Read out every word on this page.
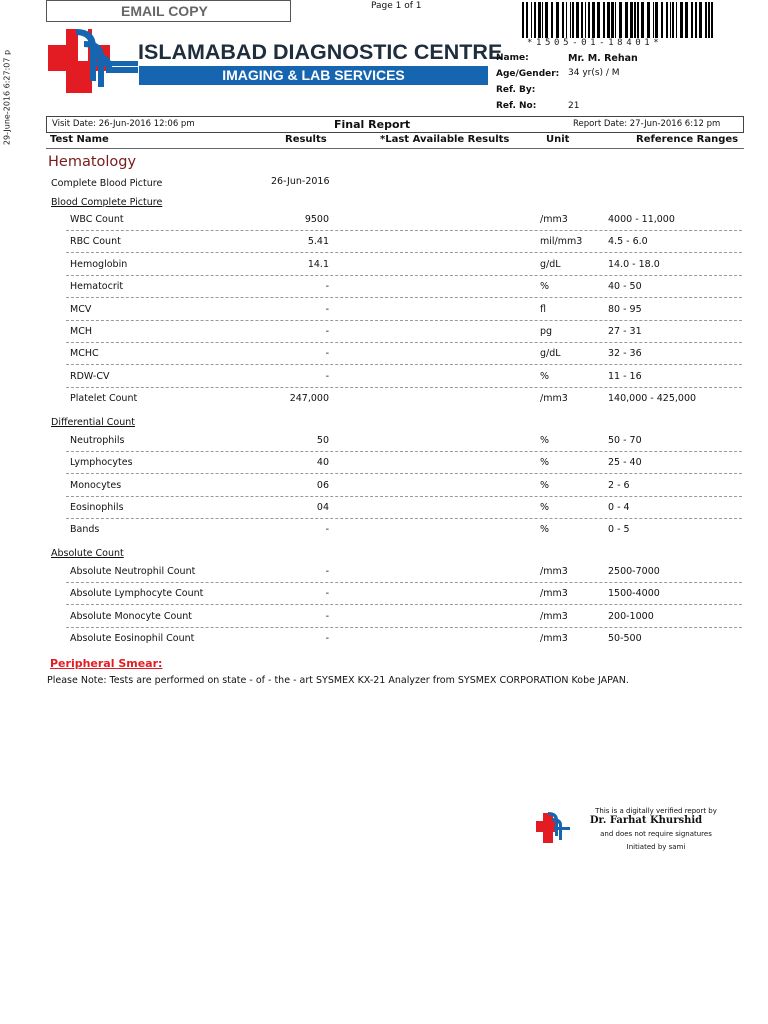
29-June-2016 6:27:07 p
EMAIL COPY	Page 1 of 1
*1505-01-18401*
ISLAMABAD DIAGNOSTIC CENTRE
IMAGING & LAB SERVICES
Name:	Mr. M. Rehan
Age/Gender: 34 yr(s) / M
Ref. By:
Ref. No:	21
Visit Date: 26-Jun-2016 12:06 pm	Final Report	Report Date: 27-Jun-2016 6:12 pm
Test Name	Results	*Last Available Results	Unit	Reference Ranges
Hematology
Complete Blood Picture	26-Jun-2016
Blood Complete Picture
WBC Count	9500	/mm3	4000 - 11,000
RBC Count	5.41	mil/mm3	4.5 - 6.0
Hemoglobin	14.1	g/dL	14.0 - 18.0
Hematocrit	-	%	40 - 50
MCV	-	fl	80 - 95
MCH	-	pg	27 - 31
MCHC	-	g/dL	32 - 36
RDW-CV	-	%	11 - 16
Platelet Count	247,000	/mm3	140,000 - 425,000
Differential Count
Neutrophils	50	%	50 - 70
Lymphocytes	40	%	25 - 40
Monocytes	06	%	2 - 6
Eosinophils	04	%	0 - 4
Bands	-	%	0 - 5
Absolute Count
Absolute Neutrophil Count	-	/mm3	2500-7000
Absolute Lymphocyte Count	-	/mm3	1500-4000
Absolute Monocyte Count	-	/mm3	200-1000
Absolute Eosinophil Count	-	/mm3	50-500
Peripheral Smear:
Please Note: Tests are performed on state - of - the - art SYSMEX KX-21 Analyzer from SYSMEX CORPORATION Kobe JAPAN.
This is a digitally verified report by
Dr. Farhat Khurshid
and does not require signatures
Initiated by sami
